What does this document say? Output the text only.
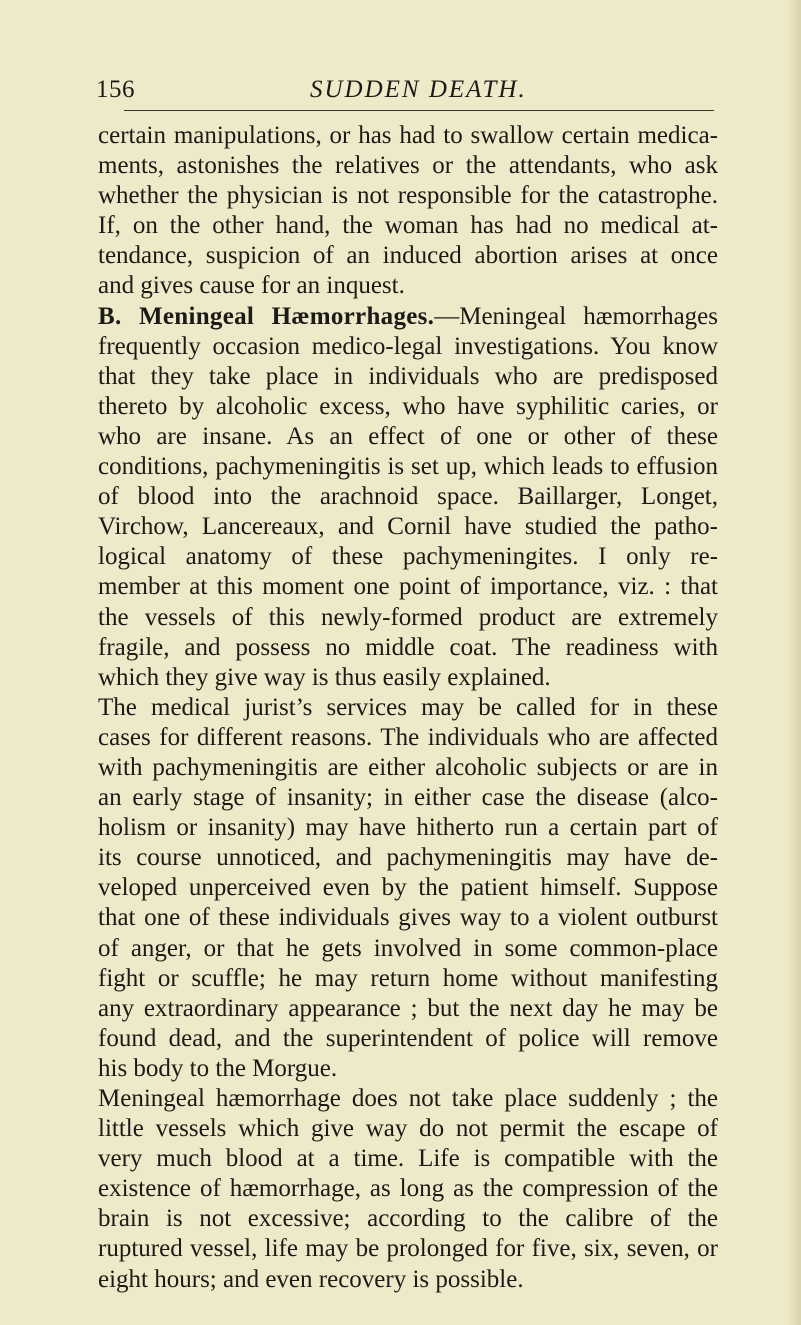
156	SUDDEN DEATH.
certain manipulations, or has had to swallow certain medica-
ments, astonishes the relatives or the attendants, who ask
whether the physician is not responsible for the catastrophe.
If, on the other hand, the woman has had no medical at-
tendance, suspicion of an induced abortion arises at once
and gives cause for an inquest.
B. Meningeal Hæmorrhages.—Meningeal hæmorrhages
frequently occasion medico-legal investigations. You know
that they take place in individuals who are predisposed
thereto by alcoholic excess, who have syphilitic caries, or
who are insane. As an effect of one or other of these
conditions, pachymeningitis is set up, which leads to effusion
of blood into the arachnoid space. Baillarger, Longet,
Virchow, Lancereaux, and Cornil have studied the patho-
logical anatomy of these pachymeningites. I only re-
member at this moment one point of importance, viz. : that
the vessels of this newly-formed product are extremely
fragile, and possess no middle coat. The readiness with
which they give way is thus easily explained.
The medical jurist’s services may be called for in these
cases for different reasons. The individuals who are affected
with pachymeningitis are either alcoholic subjects or are in
an early stage of insanity; in either case the disease (alco-
holism or insanity) may have hitherto run a certain part of
its course unnoticed, and pachymeningitis may have de-
veloped unperceived even by the patient himself. Suppose
that one of these individuals gives way to a violent outburst
of anger, or that he gets involved in some common-place
fight or scuffle; he may return home without manifesting
any extraordinary appearance ; but the next day he may be
found dead, and the superintendent of police will remove
his body to the Morgue.
Meningeal hæmorrhage does not take place suddenly ; the
little vessels which give way do not permit the escape of
very much blood at a time. Life is compatible with the
existence of hæmorrhage, as long as the compression of the
brain is not excessive; according to the calibre of the
ruptured vessel, life may be prolonged for five, six, seven, or
eight hours; and even recovery is possible.
